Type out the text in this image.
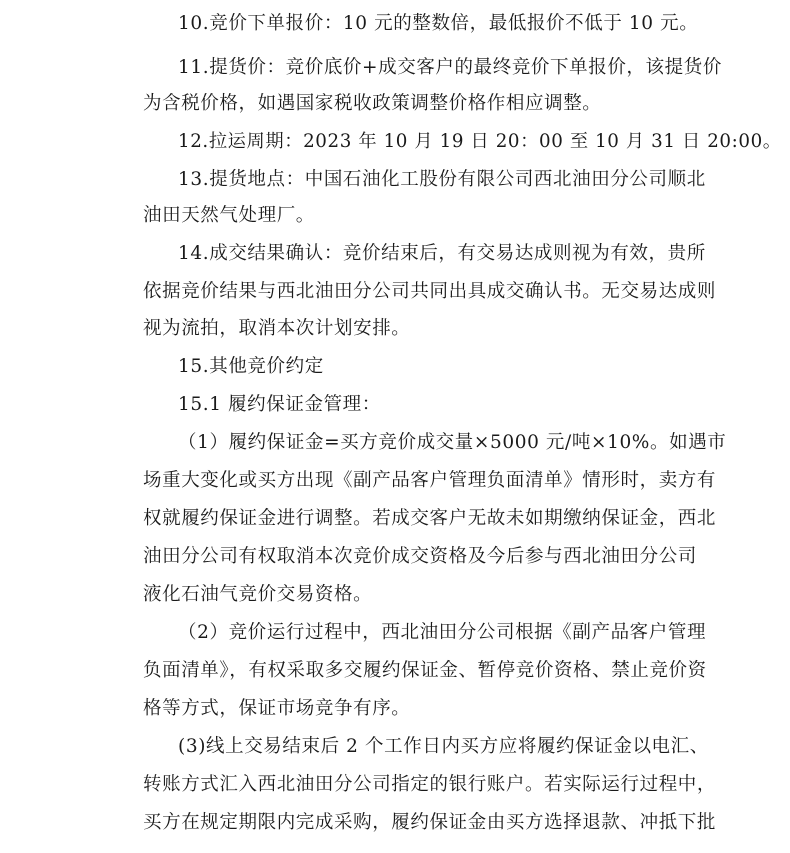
10.竞价下单报价：10 元的整数倍，最低报价不低于 10 元。
11.提货价：竞价底价+成交客户的最终竞价下单报价，该提货价
为含税价格，如遇国家税收政策调整价格作相应调整。
12.拉运周期：2023 年 10 月 19 日 20：00 至 10 月 31 日 20:00。
13.提货地点：中国石油化工股份有限公司西北油田分公司顺北
油田天然气处理厂。
14.成交结果确认：竞价结束后，有交易达成则视为有效，贵所
依据竞价结果与西北油田分公司共同出具成交确认书。无交易达成则
视为流拍，取消本次计划安排。
15.其他竞价约定
15.1 履约保证金管理：
（1）履约保证金=买方竞价成交量×5000 元/吨×10%。如遇市
场重大变化或买方出现《副产品客户管理负面清单》情形时，卖方有
权就履约保证金进行调整。若成交客户无故未如期缴纳保证金，西北
油田分公司有权取消本次竞价成交资格及今后参与西北油田分公司
液化石油气竞价交易资格。
（2）竞价运行过程中，西北油田分公司根据《副产品客户管理
负面清单》，有权采取多交履约保证金、暂停竞价资格、禁止竞价资
格等方式，保证市场竞争有序。
(3)线上交易结束后 2 个工作日内买方应将履约保证金以电汇、
转账方式汇入西北油田分公司指定的银行账户。若实际运行过程中，
买方在规定期限内完成采购，履约保证金由买方选择退款、冲抵下批
